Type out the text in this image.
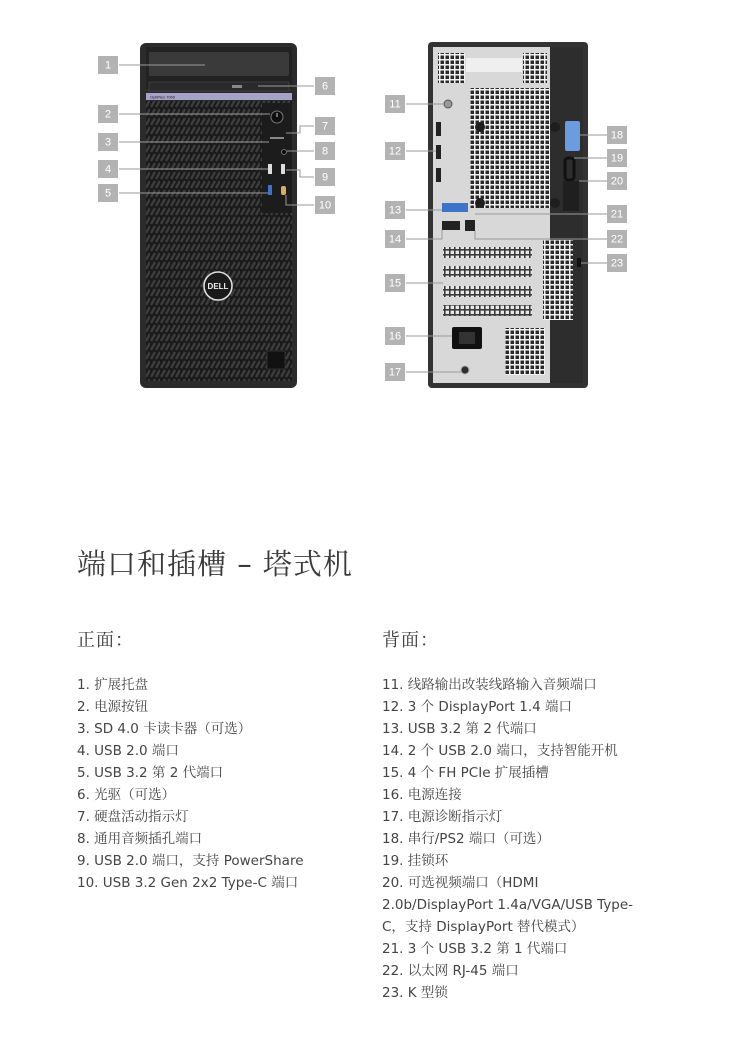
OptiPlex 7000
DELL
1
2
3
4
5
6
7
8
9
10
11
12
13
14
15
16
17
18
19
20
21
22
23
端口和插槽 – 塔式机
正面：
1. 扩展托盘
2. 电源按钮
3. SD 4.0 卡读卡器（可选）
4. USB 2.0 端口
5. USB 3.2 第 2 代端口
6. 光驱（可选）
7. 硬盘活动指示灯
8. 通用音频插孔端口
9. USB 2.0 端口，支持 PowerShare
10. USB 3.2 Gen 2x2 Type-C 端口
背面：
11. 线路输出改装线路输入音频端口
12. 3 个 DisplayPort 1.4 端口
13. USB 3.2 第 2 代端口
14. 2 个 USB 2.0 端口，支持智能开机
15. 4 个 FH PCIe 扩展插槽
16. 电源连接
17. 电源诊断指示灯
18. 串行/PS2 端口（可选）
19. 挂锁环
20. 可选视频端口（HDMI 2.0b/DisplayPort 1.4a/VGA/USB Type-C，支持 DisplayPort 替代模式）
21. 3 个 USB 3.2 第 1 代端口
22. 以太网 RJ-45 端口
23. K 型锁
